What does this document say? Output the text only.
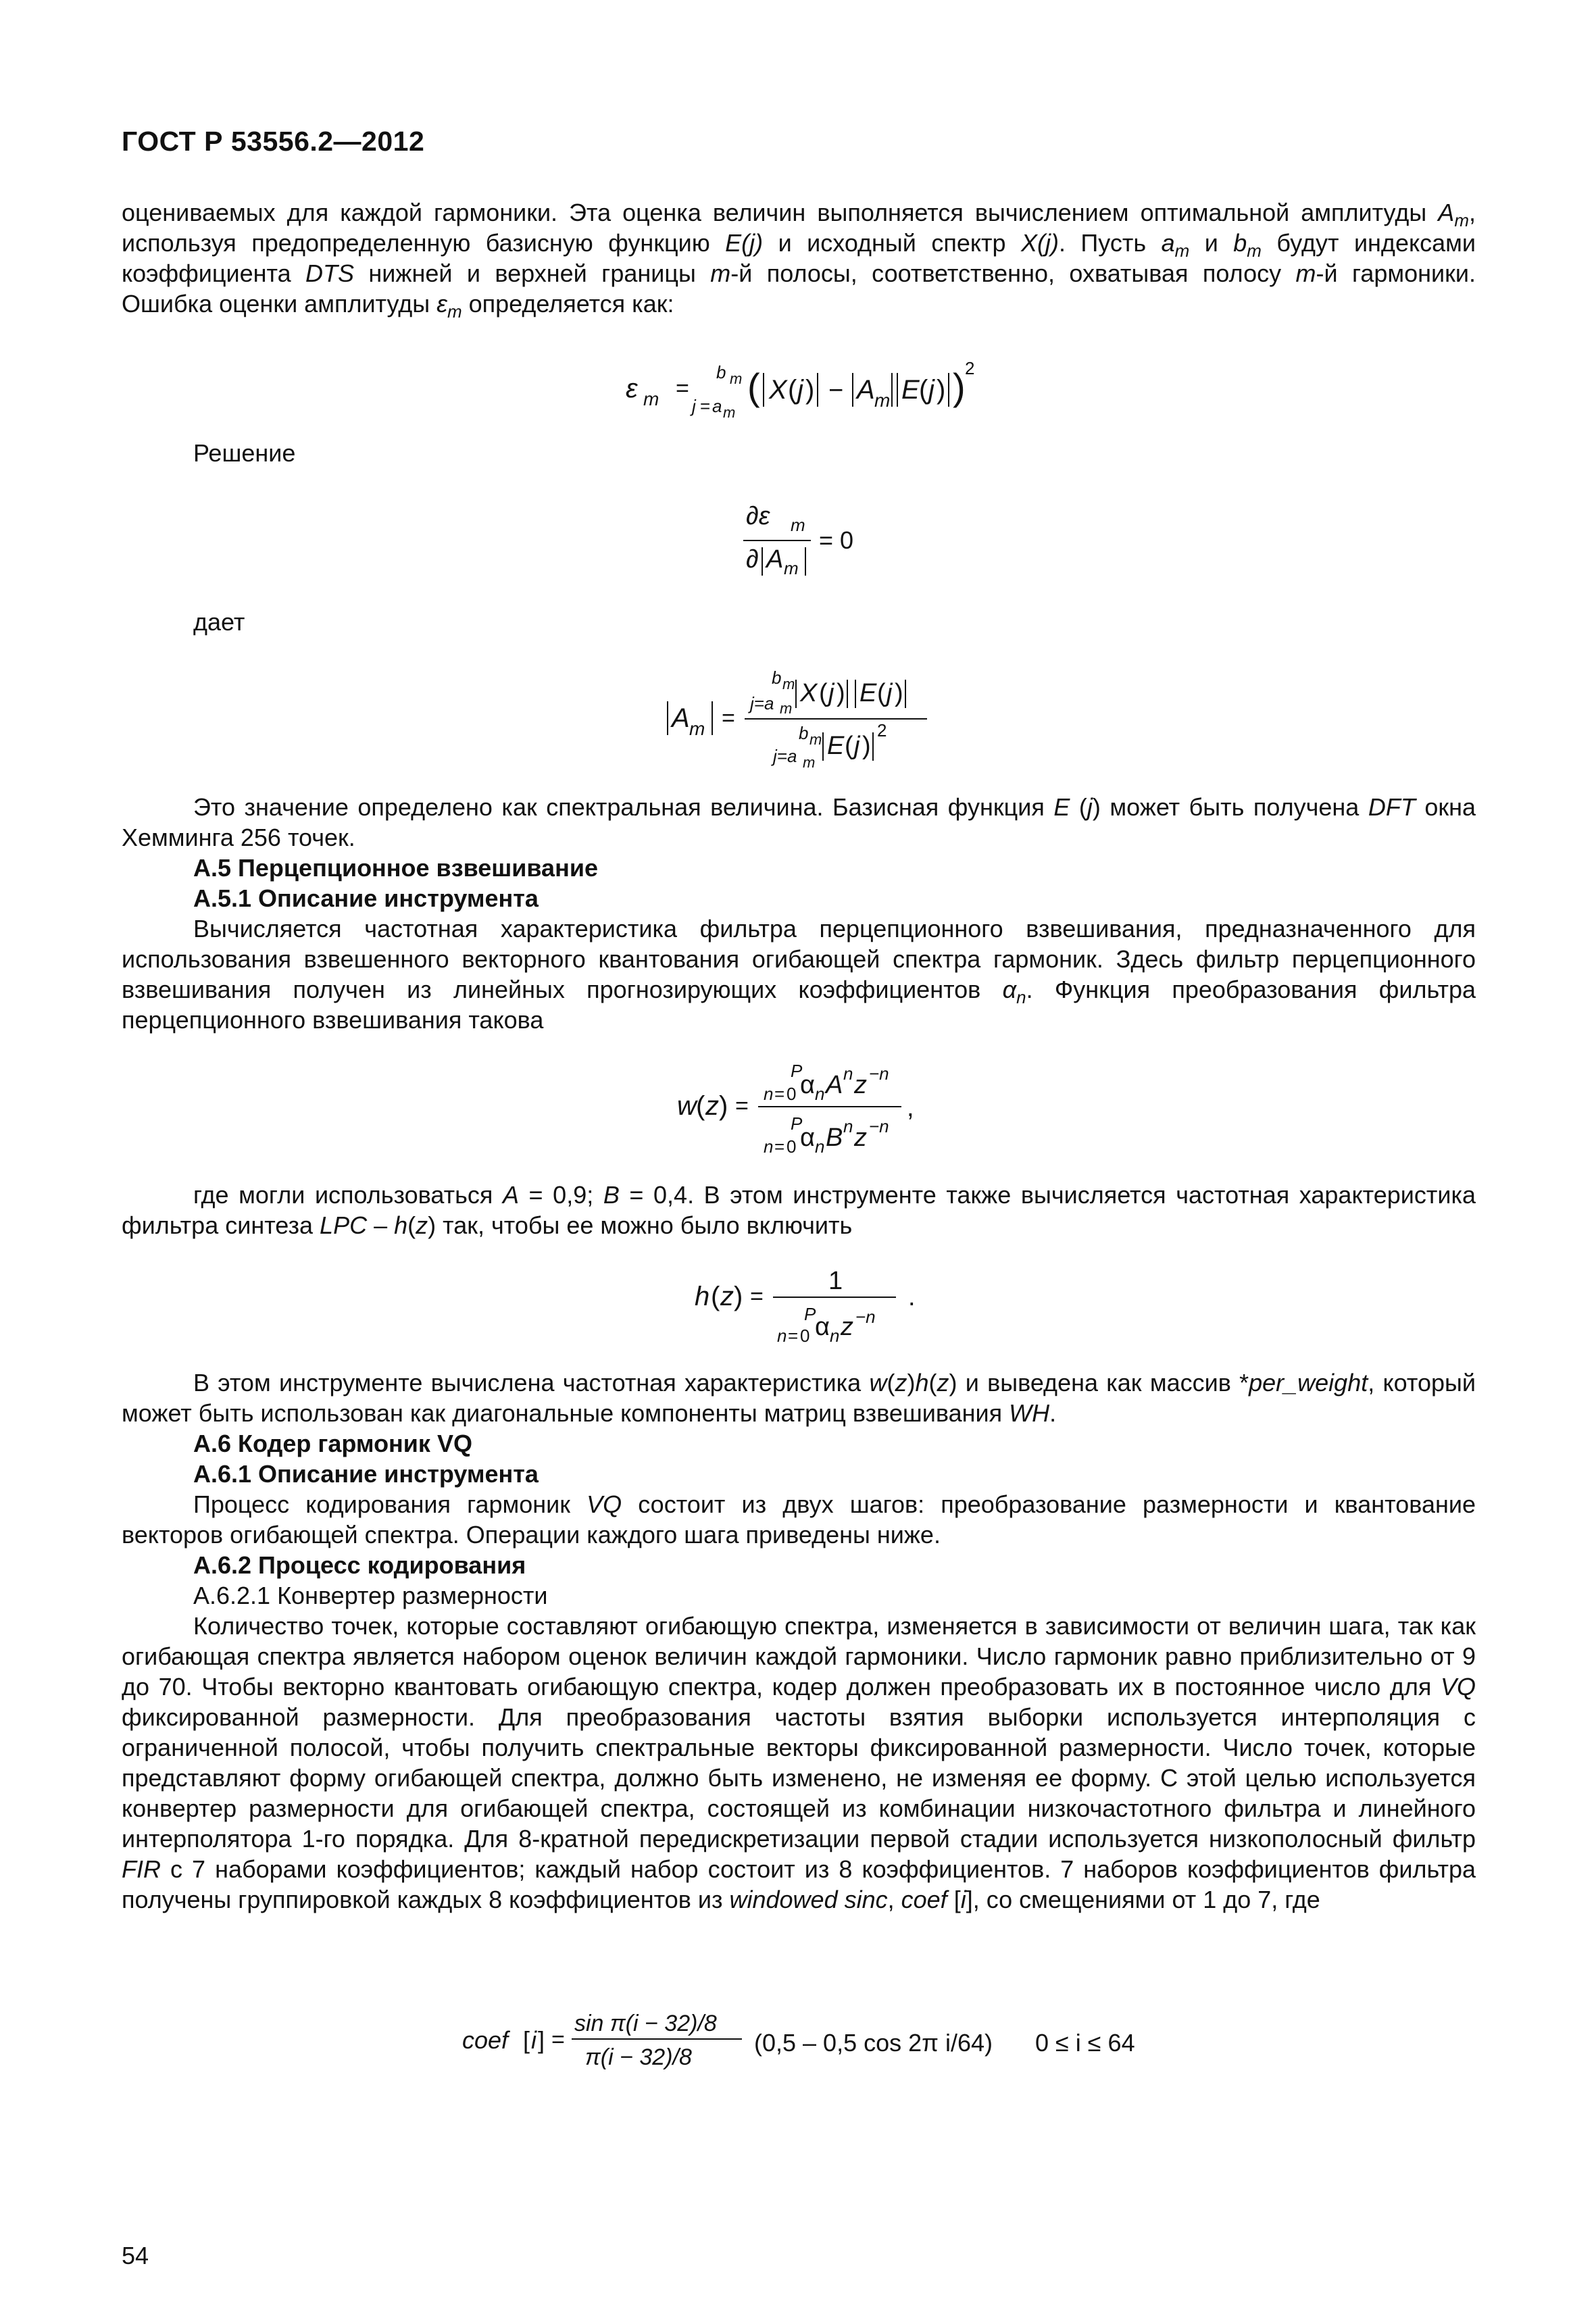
ГОСТ Р 53556.2—2012
оцениваемых для каждой гармоники. Эта оценка величин выполняется вычислением оптимальной амплитуды $A_m$, используя предопределенную базисную функцию E(j) и исходный спектр X(j). Пусть $a_m$ и $b_m$ будут индексами коэффициента DTS нижней и верхней границы m-й полосы, соответственно, охватывая полосу m-й гармоники. Ошибка оценки амплитуды $\varepsilon_m$ определяется как:
ε m =
b m
j = a m
( X ( j ) − A m E ( j ) ) 2
Решение
∂ε m
∂ A m
= 0
дает
A m =
b m
j=a m
X ( j ) E ( j )
b m
j=a m
E ( j )
2
Это значение определено как спектральная величина. Базисная функция E (j) может быть получена DFT окна Хемминга 256 точек.
А.5 Перцепционное взвешивание
А.5.1 Описание инструмента
Вычисляется частотная характеристика фильтра перцепционного взвешивания, предназначенного для использования взвешенного векторного квантования огибающей спектра гармоник. Здесь фильтр перцепционного взвешивания получен из линейных прогнозирующих коэффициентов $\alpha_n$. Функция преобразования фильтра перцепционного взвешивания такова
w ( z ) =
P
n = 0 α n A n z −n
P
n = 0 α n B n z −n
,
где могли использоваться A = 0,9; B = 0,4. В этом инструменте также вычисляется частотная характеристика фильтра синтеза LPC – h(z) так, чтобы ее можно было включить
h ( z ) =
1
P
n = 0 α n z −n
.
В этом инструменте вычислена частотная характеристика w(z)h(z) и выведена как массив *per_weight, который может быть использован как диагональные компоненты матриц взвешивания WH.
А.6 Кодер гармоник VQ
А.6.1 Описание инструмента
Процесс кодирования гармоник VQ состоит из двух шагов: преобразование размерности и квантование векторов огибающей спектра. Операции каждого шага приведены ниже.
А.6.2 Процесс кодирования
А.6.2.1 Конвертер размерности
Количество точек, которые составляют огибающую спектра, изменяется в зависимости от величин шага, так как огибающая спектра является набором оценок величин каждой гармоники. Число гармоник равно приблизительно от 9 до 70. Чтобы векторно квантовать огибающую спектра, кодер должен преобразовать их в постоянное число для VQ фиксированной размерности. Для преобразования частоты взятия выборки используется интерполяция с ограниченной полосой, чтобы получить спектральные векторы фиксированной размерности. Число точек, которые представляют форму огибающей спектра, должно быть изменено, не изменяя ее форму. С этой целью используется конвертер размерности для огибающей спектра, состоящей из комбинации низкочастотного фильтра и линейного интерполятора 1-го порядка. Для 8-кратной передискретизации первой стадии используется низкополосный фильтр FIR с 7 наборами коэффициентов; каждый набор состоит из 8 коэффициентов. 7 наборов коэффициентов фильтра получены группировкой каждых 8 коэффициентов из windowed sinc, coef [i], со смещениями от 1 до 7, где
coef [ i ] =
sin π(i − 32)/8
π(i − 32)/8
(0,5 – 0,5 cos 2π i/64) 0 ≤ i ≤ 64
54
